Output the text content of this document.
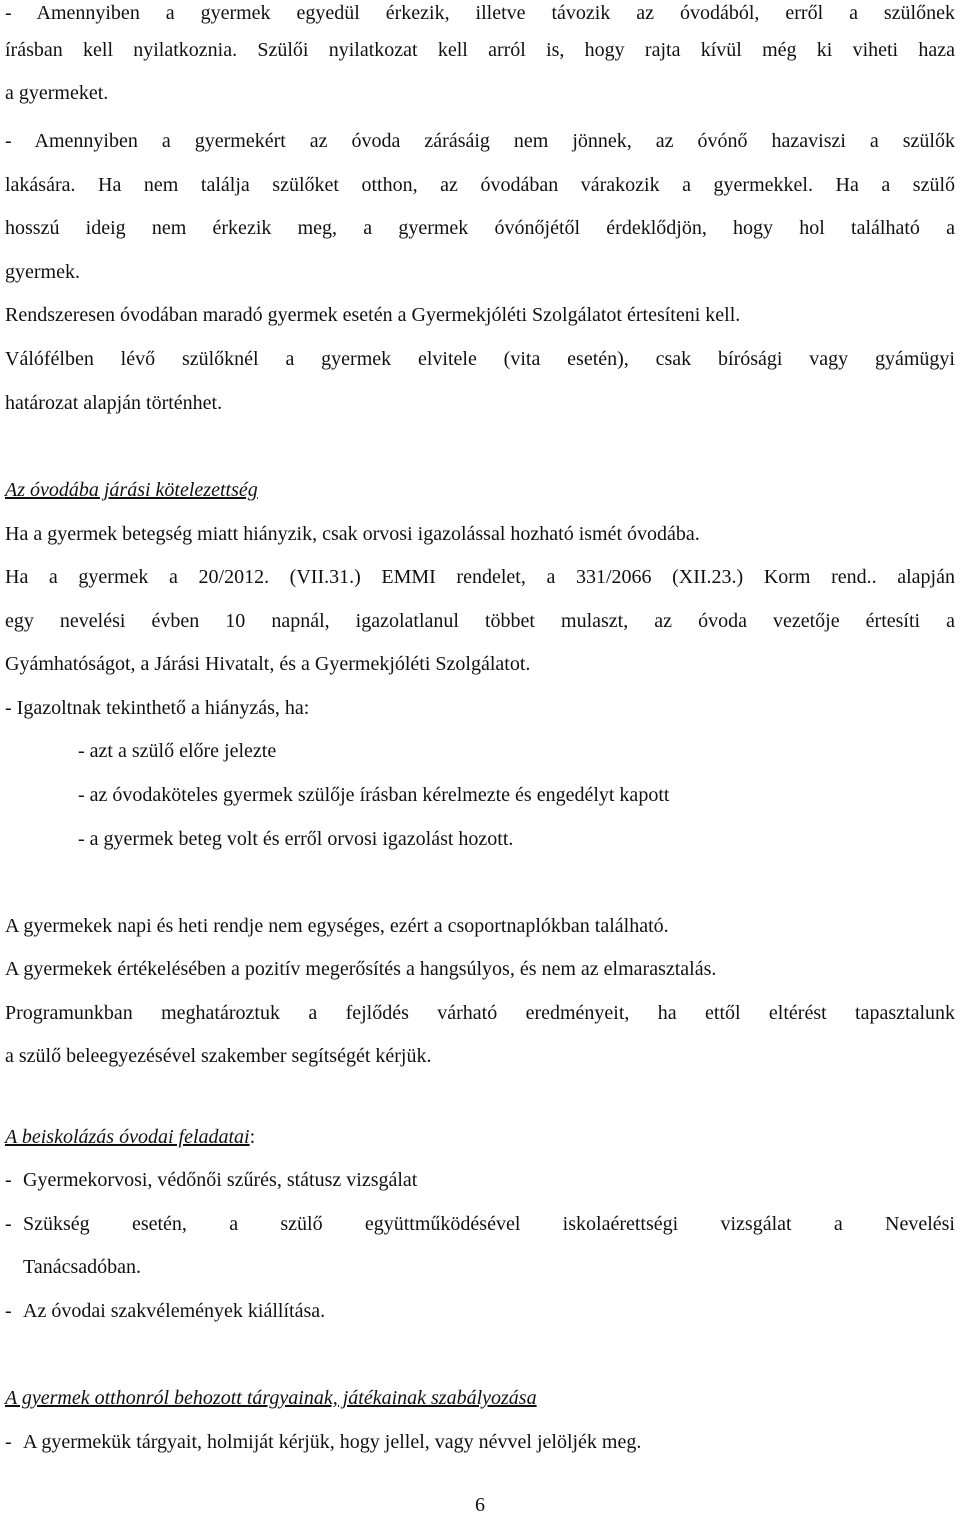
- Amennyiben a gyermek egyedül érkezik, illetve távozik az óvodából, erről a szülőnek
írásban kell nyilatkoznia. Szülői nyilatkozat kell arról is, hogy rajta kívül még ki viheti haza
a gyermeket.
- Amennyiben a gyermekért az óvoda zárásáig nem jönnek, az óvónő hazaviszi a szülők
lakására. Ha nem találja szülőket otthon, az óvodában várakozik a gyermekkel. Ha a szülő
hosszú ideig nem érkezik meg, a gyermek óvónőjétől érdeklődjön, hogy hol található a
gyermek.
Rendszeresen óvodában maradó gyermek esetén a Gyermekjóléti Szolgálatot értesíteni kell.
Válófélben lévő szülőknél a gyermek elvitele (vita esetén), csak bírósági vagy gyámügyi
határozat alapján történhet.
Az óvodába járási kötelezettség
Ha a gyermek betegség miatt hiányzik, csak orvosi igazolással hozható ismét óvodába.
Ha a gyermek a 20/2012. (VII.31.) EMMI rendelet, a 331/2066 (XII.23.) Korm rend.. alapján
egy nevelési évben 10 napnál, igazolatlanul többet mulaszt, az óvoda vezetője értesíti a
Gyámhatóságot, a Járási Hivatalt, és a Gyermekjóléti Szolgálatot.
- Igazoltnak tekinthető a hiányzás, ha:
- azt a szülő előre jelezte
- az óvodaköteles gyermek szülője írásban kérelmezte és engedélyt kapott
- a gyermek beteg volt és erről orvosi igazolást hozott.
A gyermekek napi és heti rendje nem egységes, ezért a csoportnaplókban található.
A gyermekek értékelésében a pozitív megerősítés a hangsúlyos, és nem az elmarasztalás.
Programunkban meghatároztuk a fejlődés várható eredményeit, ha ettől eltérést tapasztalunk
a szülő beleegyezésével szakember segítségét kérjük.
A beiskolázás óvodai feladatai:
- Gyermekorvosi, védőnői szűrés, státusz vizsgálat
- Szükség esetén, a szülő együttműködésével iskolaérettségi vizsgálat a Nevelési
Tanácsadóban.
- Az óvodai szakvélemények kiállítása.
A gyermek otthonról behozott tárgyainak, játékainak szabályozása
- A gyermekük tárgyait, holmiját kérjük, hogy jellel, vagy névvel jelöljék meg.
6
